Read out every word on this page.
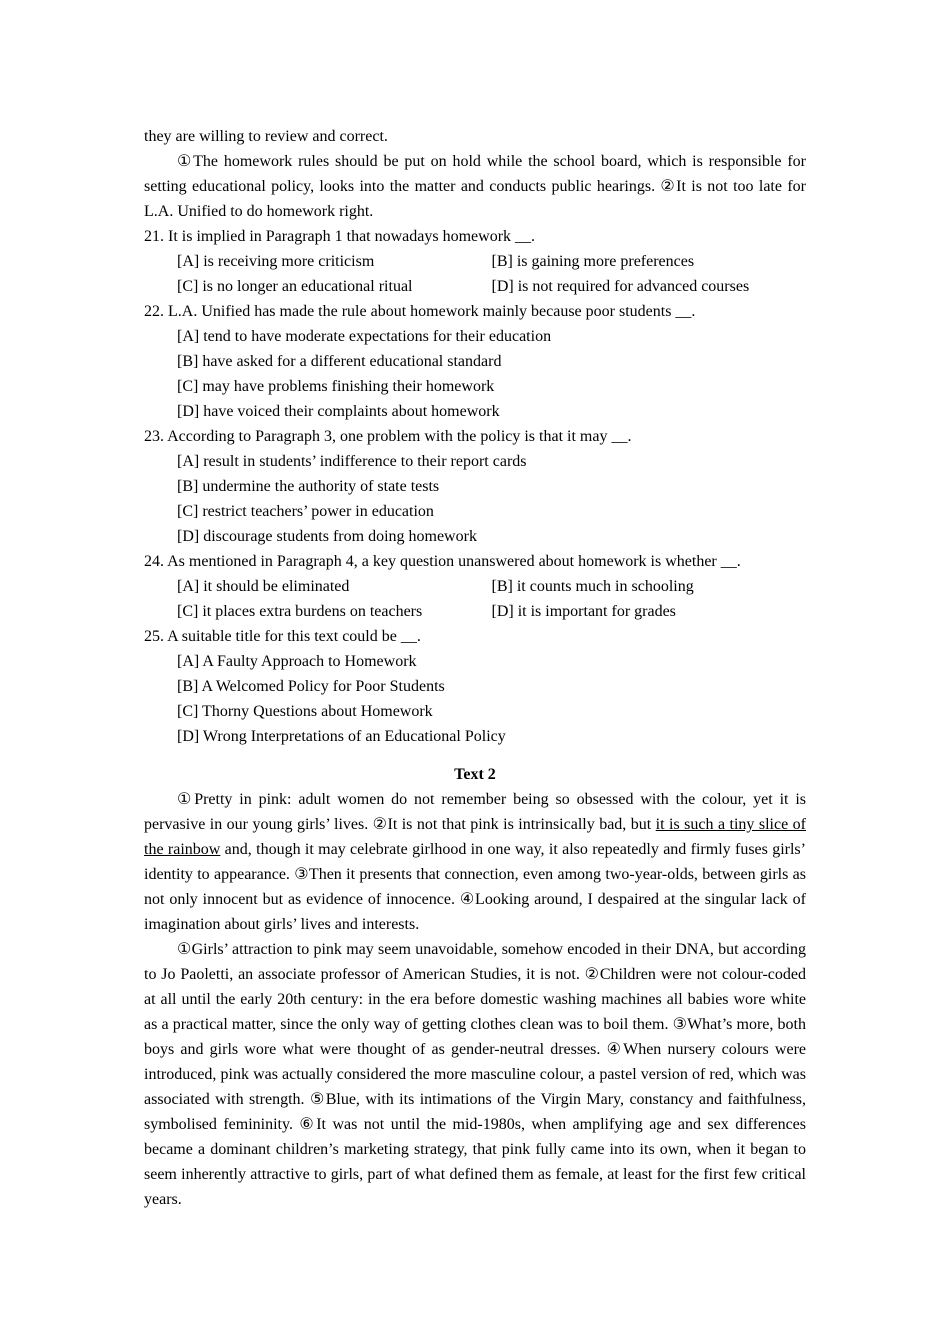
they are willing to review and correct.

①The homework rules should be put on hold while the school board, which is responsible for setting educational policy, looks into the matter and conducts public hearings. ②It is not too late for L.A. Unified to do homework right.

21. It is implied in Paragraph 1 that nowadays homework __.

[A] is receiving more criticism	[B] is gaining more preferences
[C] is no longer an educational ritual	[D] is not required for advanced courses

22. L.A. Unified has made the rule about homework mainly because poor students __.

[A] tend to have moderate expectations for their education
[B] have asked for a different educational standard
[C] may have problems finishing their homework
[D] have voiced their complaints about homework

23. According to Paragraph 3, one problem with the policy is that it may __.

[A] result in students’ indifference to their report cards
[B] undermine the authority of state tests
[C] restrict teachers’ power in education
[D] discourage students from doing homework

24. As mentioned in Paragraph 4, a key question unanswered about homework is whether __.

[A] it should be eliminated	[B] it counts much in schooling
[C] it places extra burdens on teachers	[D] it is important for grades

25. A suitable title for this text could be __.

[A] A Faulty Approach to Homework
[B] A Welcomed Policy for Poor Students
[C] Thorny Questions about Homework
[D] Wrong Interpretations of an Educational Policy

Text 2

①Pretty in pink: adult women do not remember being so obsessed with the colour, yet it is pervasive in our young girls’ lives. ②It is not that pink is intrinsically bad, but it is such a tiny slice of the rainbow and, though it may celebrate girlhood in one way, it also repeatedly and firmly fuses girls’ identity to appearance. ③Then it presents that connection, even among two-year-olds, between girls as not only innocent but as evidence of innocence. ④Looking around, I despaired at the singular lack of imagination about girls’ lives and interests.

①Girls’ attraction to pink may seem unavoidable, somehow encoded in their DNA, but according to Jo Paoletti, an associate professor of American Studies, it is not. ②Children were not colour-coded at all until the early 20th century: in the era before domestic washing machines all babies wore white as a practical matter, since the only way of getting clothes clean was to boil them. ③What’s more, both boys and girls wore what were thought of as gender-neutral dresses. ④When nursery colours were introduced, pink was actually considered the more masculine colour, a pastel version of red, which was associated with strength. ⑤Blue, with its intimations of the Virgin Mary, constancy and faithfulness, symbolised femininity. ⑥It was not until the mid-1980s, when amplifying age and sex differences became a dominant children’s marketing strategy, that pink fully came into its own, when it began to seem inherently attractive to girls, part of what defined them as female, at least for the first few critical years.
